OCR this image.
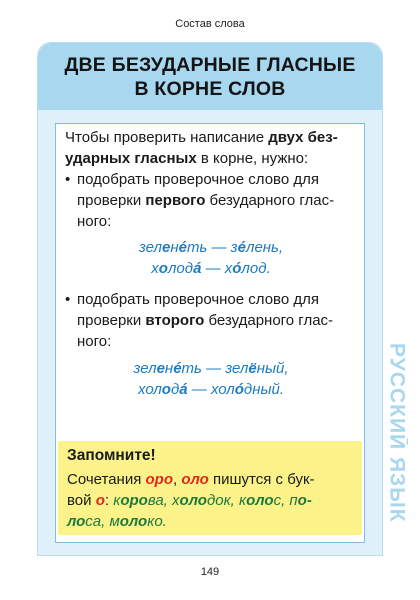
Состав слова
ДВЕ БЕЗУДАРНЫЕ ГЛАСНЫЕ
В КОРНЕ СЛОВ
Чтобы проверить написание двух без-
ударных гласных в корне, нужно:
• подобрать проверочное слово для
проверки первого безударного глас-
ного:
зеленéть — зéлень,
холодá — хóлод.
• подобрать проверочное слово для
проверки второго безударного глас-
ного:
зеленéть — зелёный,
холодá — холóдный.
Запомните!
Сочетания оро, оло пишутся с бук-
вой о: корова, холодок, колос, по-
лоса, молоко.	РУССКИЙ ЯЗЫК
149
